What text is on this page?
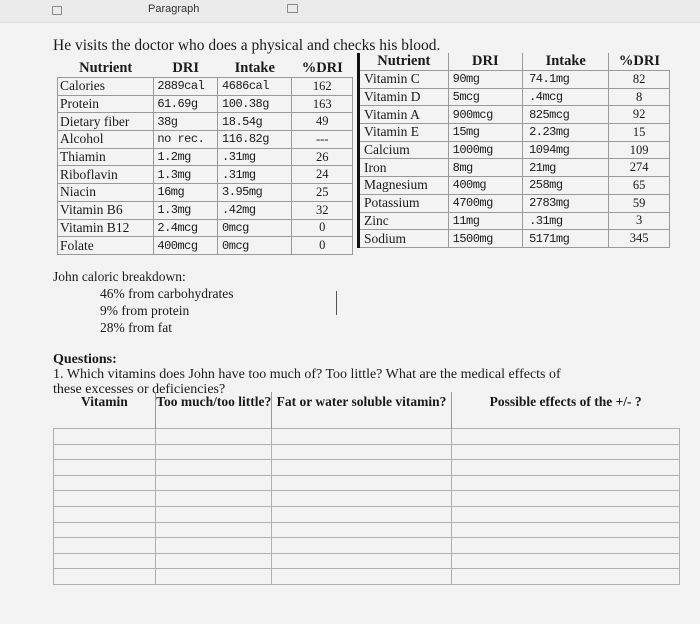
Paragraph
He visits the doctor who does a physical and checks his blood.
Nutrient	DRI	Intake	%DRI
Calories	2889cal	4686cal	162
Protein	61.69g	100.38g	163
Dietary fiber	38g	18.54g	49
Alcohol	no rec.	116.82g	---
Thiamin	1.2mg	.31mg	26
Riboflavin	1.3mg	.31mg	24
Niacin	16mg	3.95mg	25
Vitamin B6	1.3mg	.42mg	32
Vitamin B12	2.4mcg	0mcg	0
Folate	400mcg	0mcg	0
Nutrient	DRI	Intake	%DRI
Vitamin C	90mg	74.1mg	82
Vitamin D	5mcg	.4mcg	8
Vitamin A	900mcg	825mcg	92
Vitamin E	15mg	2.23mg	15
Calcium	1000mg	1094mg	109
Iron	8mg	21mg	274
Magnesium	400mg	258mg	65
Potassium	4700mg	2783mg	59
Zinc	11mg	.31mg	3
Sodium	1500mg	5171mg	345
John caloric breakdown:
46% from carbohydrates
9% from protein
28% from fat
Questions:
1. Which vitamins does John have too much of? Too little? What are the medical effects of
these excesses or deficiencies?
Vitamin	Too much/too little?	Fat or water soluble vitamin?	Possible effects of the +/- ?
